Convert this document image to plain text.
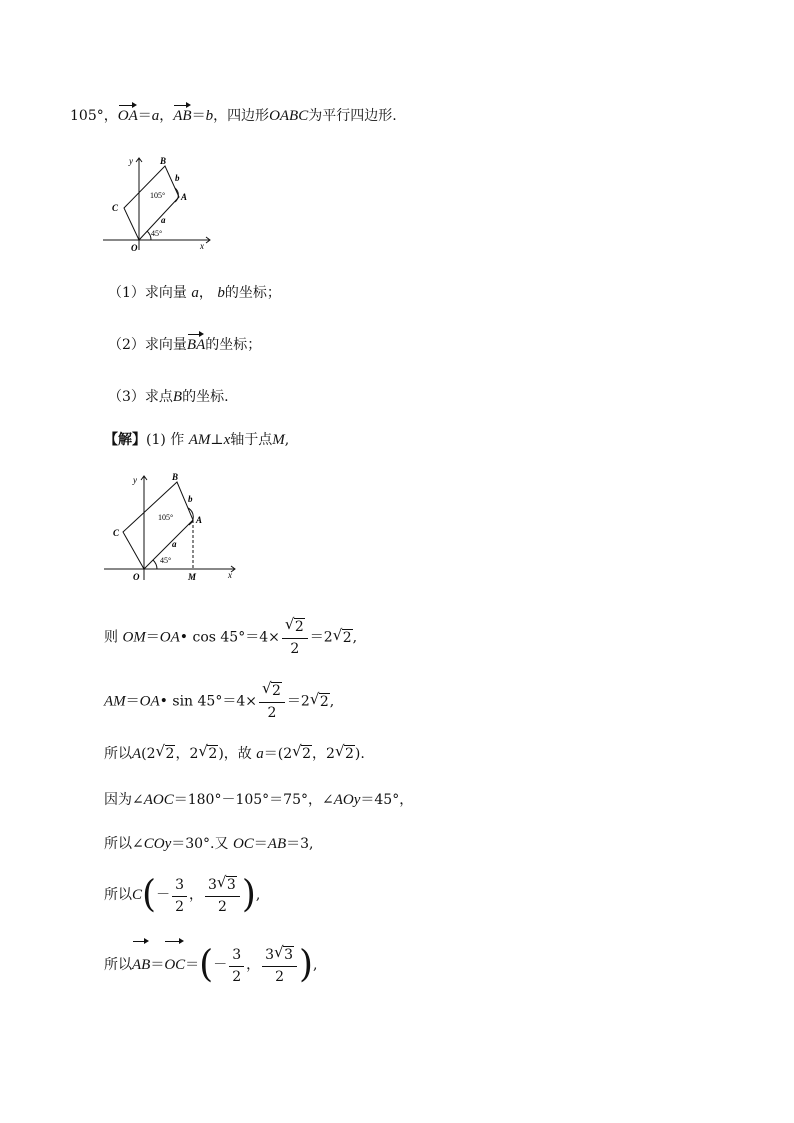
105°，OA＝a，AB＝b，四边形OABC为平行四边形.
y
x
O
A
B
C
a
b
45°
105°
（1）求向量 a， b的坐标；
（2）求向量BA的坐标；
（3）求点B的坐标.
【解】(1) 作 AM⊥x轴于点M,
y
x
O
A
B
C
M
a
b
45°
105°
则 OM＝OA• $\cos 45^\circ=4\times \frac{√ 2}{2} =2$ √ 2,
AM＝OA• $\sin 45^\circ=4\times \frac{√ 2}{2} =2$ √ 2,
所以A(2 √ 2，2 √ 2)，故 a＝(2 √ 2，2 √ 2).
因为∠AOC＝180°－105°＝75°，∠AOy＝45°，
所以∠COy＝30°.又 OC＝AB＝3,
所以$C(- \frac{3}{2}$ ， $\frac{3 √ 3}{2}$ ),
所以$AB=OC=(- \frac{3}{2}$ ， $\frac{3 √ 3}{2}$ ),
